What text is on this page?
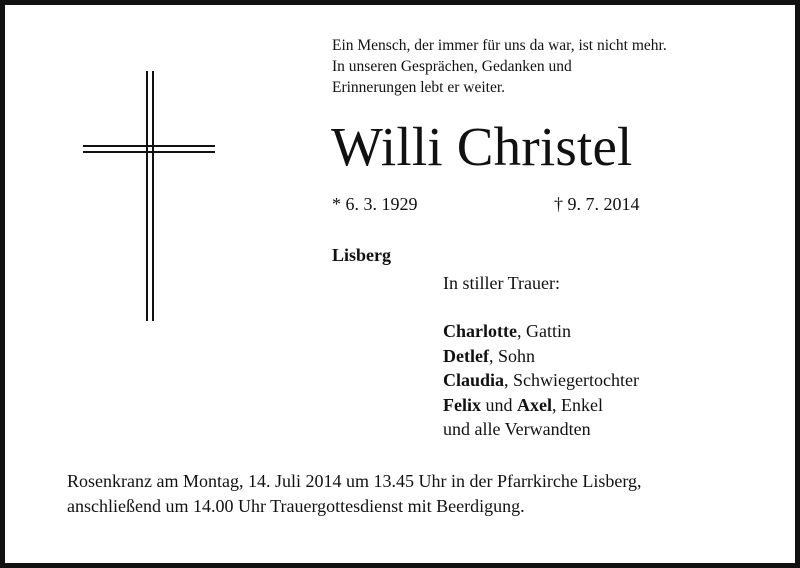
Ein Mensch, der immer für uns da war, ist nicht mehr.
In unseren Gesprächen, Gedanken und
Erinnerungen lebt er weiter.
Willi Christel
* 6. 3. 1929	† 9. 7. 2014
Lisberg
In stiller Trauer:
Charlotte, Gattin
Detlef, Sohn
Claudia, Schwiegertochter
Felix und Axel, Enkel
und alle Verwandten
Rosenkranz am Montag, 14. Juli 2014 um 13.45 Uhr in der Pfarrkirche Lisberg,
anschließend um 14.00 Uhr Trauergottesdienst mit Beerdigung.
